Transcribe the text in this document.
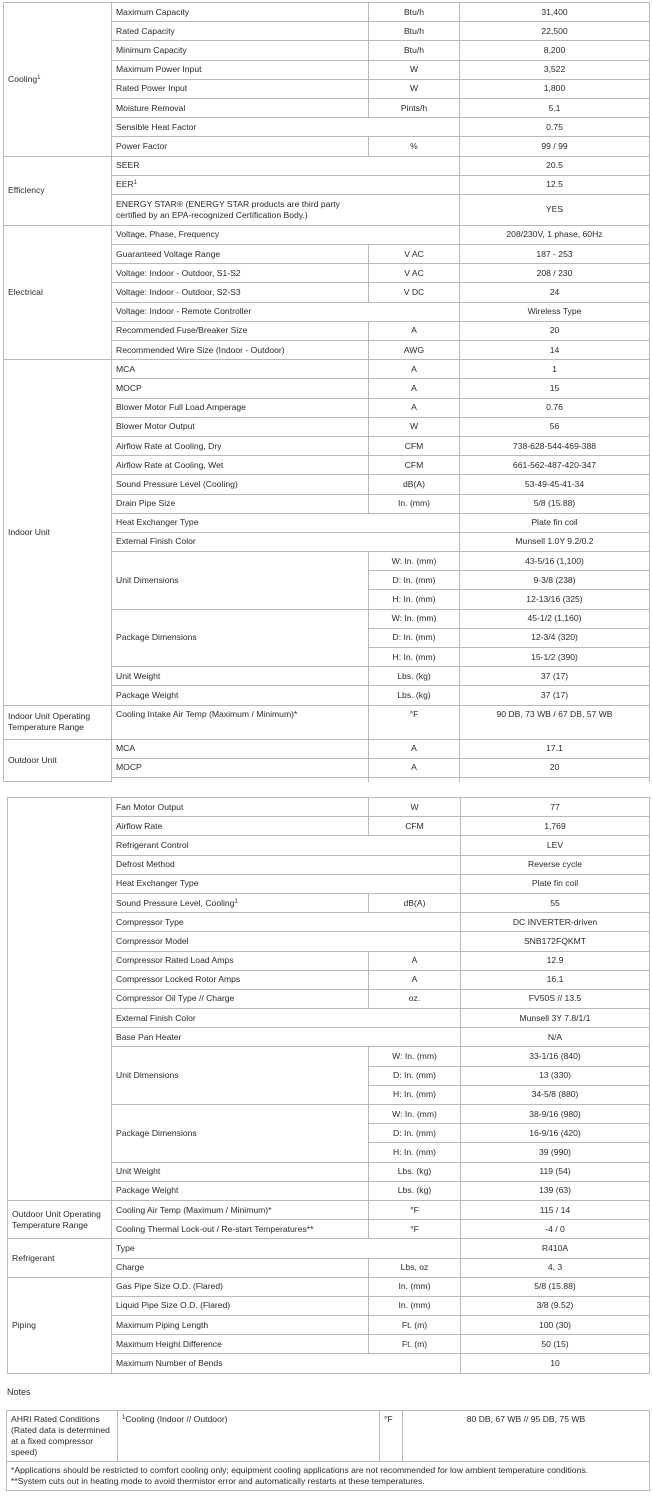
Cooling$^1$	Maximum Capacity	Btu/h	31,400
	Rated Capacity	Btu/h	22,500
	Minimum Capacity	Btu/h	8,200
	Maximum Power Input	W	3,522
	Rated Power Input	W	1,800
	Moisture Removal	Pints/h	5.1
	Sensible Heat Factor		0.75
	Power Factor	%	99 / 99
Efficiency	SEER		20.5
	EER$^1$		12.5
	ENERGY STAR® (ENERGY STAR products are third party certified by an EPA-recognized Certification Body.)		YES
Electrical	Voltage, Phase, Frequency		208/230V, 1 phase, 60Hz
	Guaranteed Voltage Range	V AC	187 - 253
	Voltage: Indoor - Outdoor, S1-S2	V AC	208 / 230
	Voltage: Indoor - Outdoor, S2-S3	V DC	24
	Voltage: Indoor - Remote Controller		Wireless Type
	Recommended Fuse/Breaker Size	A	20
	Recommended Wire Size (Indoor - Outdoor)	AWG	14
Indoor Unit	MCA	A	1
	MOCP	A	15
	Blower Motor Full Load Amperage	A	0.76
	Blower Motor Output	W	56
	Airflow Rate at Cooling, Dry	CFM	738-628-544-469-388
	Airflow Rate at Cooling, Wet	CFM	661-562-487-420-347
	Sound Pressure Level (Cooling)	dB(A)	53-49-45-41-34
	Drain Pipe Size	In. (mm)	5/8 (15.88)
	Heat Exchanger Type		Plate fin coil
	External Finish Color		Munsell 1.0Y 9.2/0.2
	Unit Dimensions	W: In. (mm)	43-5/16 (1,100)
		D: In. (mm)	9-3/8 (238)
		H: In. (mm)	12-13/16 (325)
	Package Dimensions	W: In. (mm)	45-1/2 (1,160)
		D: In. (mm)	12-3/4 (320)
		H: In. (mm)	15-1/2 (390)
	Unit Weight	Lbs. (kg)	37 (17)
	Package Weight	Lbs. (kg)	37 (17)
Indoor Unit Operating Temperature Range	Cooling Intake Air Temp (Maximum / Minimum)*	°F	90 DB, 73 WB / 67 DB, 57 WB
Outdoor Unit	MCA	A	17.1
	MOCP	A	20

	Fan Motor Output	W	77
	Airflow Rate	CFM	1,769
	Refrigerant Control		LEV
	Defrost Method		Reverse cycle
	Heat Exchanger Type		Plate fin coil
	Sound Pressure Level, Cooling$^1$	dB(A)	55
	Compressor Type		DC INVERTER-driven
	Compressor Model		SNB172FQKMT
	Compressor Rated Load Amps	A	12.9
	Compressor Locked Rotor Amps	A	16.1
	Compressor Oil Type // Charge	oz.	FV50S // 13.5
	External Finish Color		Munsell 3Y 7.8/1/1
	Base Pan Heater		N/A
	Unit Dimensions	W: In. (mm)	33-1/16 (840)
		D: In. (mm)	13 (330)
		H: In. (mm)	34-5/8 (880)
	Package Dimensions	W: In. (mm)	38-9/16 (980)
		D: In. (mm)	16-9/16 (420)
		H: In. (mm)	39 (990)
	Unit Weight	Lbs. (kg)	119 (54)
	Package Weight	Lbs. (kg)	139 (63)
Outdoor Unit Operating Temperature Range	Cooling Air Temp (Maximum / Minimum)*	°F	115 / 14
	Cooling Thermal Lock-out / Re-start Temperatures**	°F	-4 / 0
Refrigerant	Type		R410A
	Charge	Lbs, oz	4, 3
Piping	Gas Pipe Size O.D. (Flared)	In. (mm)	5/8 (15.88)
	Liquid Pipe Size O.D. (Flared)	In. (mm)	3/8 (9.52)
	Maximum Piping Length	Ft. (m)	100 (30)
	Maximum Height Difference	Ft. (m)	50 (15)
	Maximum Number of Bends		10
Notes
AHRI Rated Conditions (Rated data is determined at a fixed compressor speed)	$^1$Cooling (Indoor // Outdoor)	°F	80 DB, 67 WB // 95 DB, 75 WB

*Applications should be restricted to comfort cooling only; equipment cooling applications are not recommended for low ambient temperature conditions.
**System cuts out in heating mode to avoid thermistor error and automatically restarts at these temperatures.
